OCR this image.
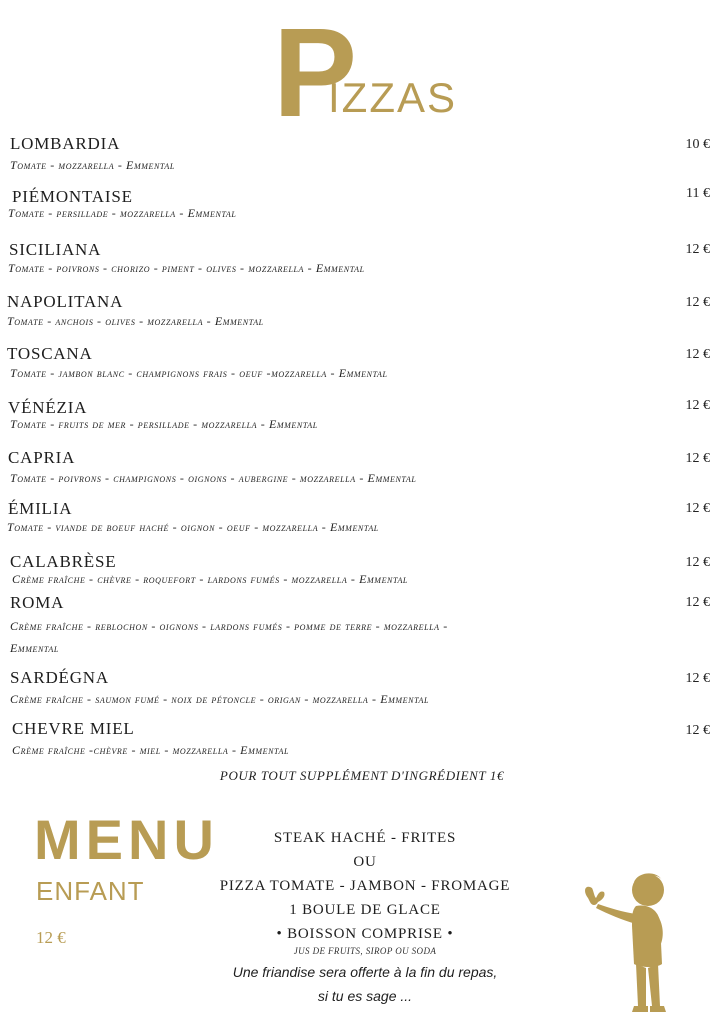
P
IZZAS
LOMBARDIA	10 €
Tomate - mozzarella - Emmental
PIÉMONTAISE	11 €
Tomate - persillade - mozzarella - Emmental
SICILIANA	12 €
Tomate - poivrons - chorizo - piment - olives - mozzarella - Emmental
NAPOLITANA	12 €
Tomate - anchois - olives - mozzarella - Emmental
TOSCANA	12 €
Tomate - jambon blanc - champignons frais - oeuf -mozzarella - Emmental
VÉNÉZIA	12 €
Tomate - fruits de mer - persillade - mozzarella - Emmental
CAPRIA	12 €
Tomate - poivrons - champignons - oignons - aubergine - mozzarella - Emmental
ÉMILIA	12 €
Tomate - viande de boeuf haché - oignon - oeuf - mozzarella - Emmental
CALABRÈSE	12 €
Crème fraîche - chèvre - roquefort - lardons fumés - mozzarella - Emmental
ROMA	12 €
Crème fraîche - reblochon - oignons - lardons fumés - pomme de terre - mozzarella -
Emmental
SARDÉGNA	12 €
Crème fraîche - saumon fumé - noix de pétoncle - origan - mozzarella - Emmental
CHEVRE MIEL	12 €
Crème fraîche -chèvre - miel - mozzarella - Emmental
POUR TOUT SUPPLÉMENT D'INGRÉDIENT 1€
MENU
ENFANT
12 €
STEAK HACHÉ - FRITES
OU
PIZZA TOMATE - JAMBON - FROMAGE
1 BOULE DE GLACE
• BOISSON COMPRISE •
JUS DE FRUITS, SIROP OU SODA
Une friandise sera offerte à la fin du repas,
si tu es sage ...
